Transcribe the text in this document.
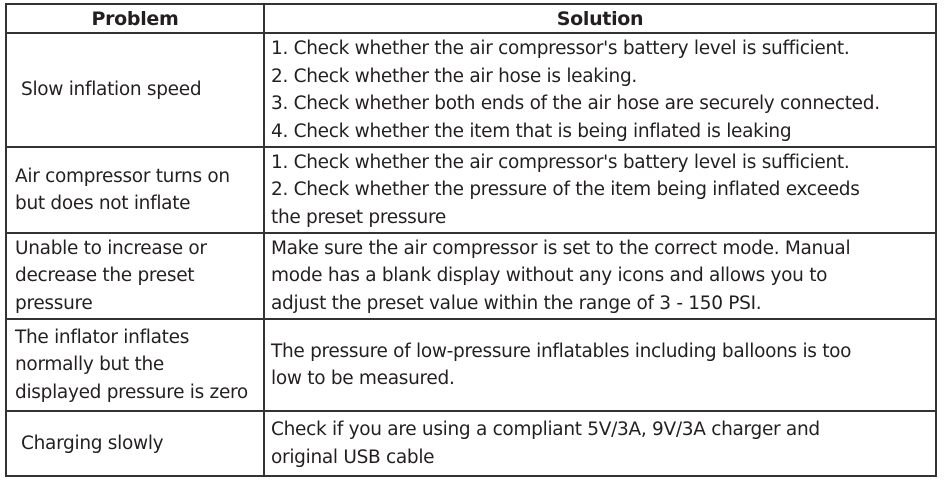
Problem	Solution

Slow inflation speed	1. Check whether the air compressor's battery level is sufficient.
2. Check whether the air hose is leaking.
3. Check whether both ends of the air hose are securely connected.
4. Check whether the item that is being inflated is leaking

Air compressor turns on
but does not inflate	1. Check whether the air compressor's battery level is sufficient.
2. Check whether the pressure of the item being inflated exceeds
the preset pressure

Unable to increase or
decrease the preset
pressure	Make sure the air compressor is set to the correct mode. Manual
mode has a blank display without any icons and allows you to
adjust the preset value within the range of 3 - 150 PSI.

The inflator inflates
normally but the
displayed pressure is zero	The pressure of low-pressure inflatables including balloons is too
low to be measured.

Charging slowly	Check if you are using a compliant 5V/3A, 9V/3A charger and
original USB cable
